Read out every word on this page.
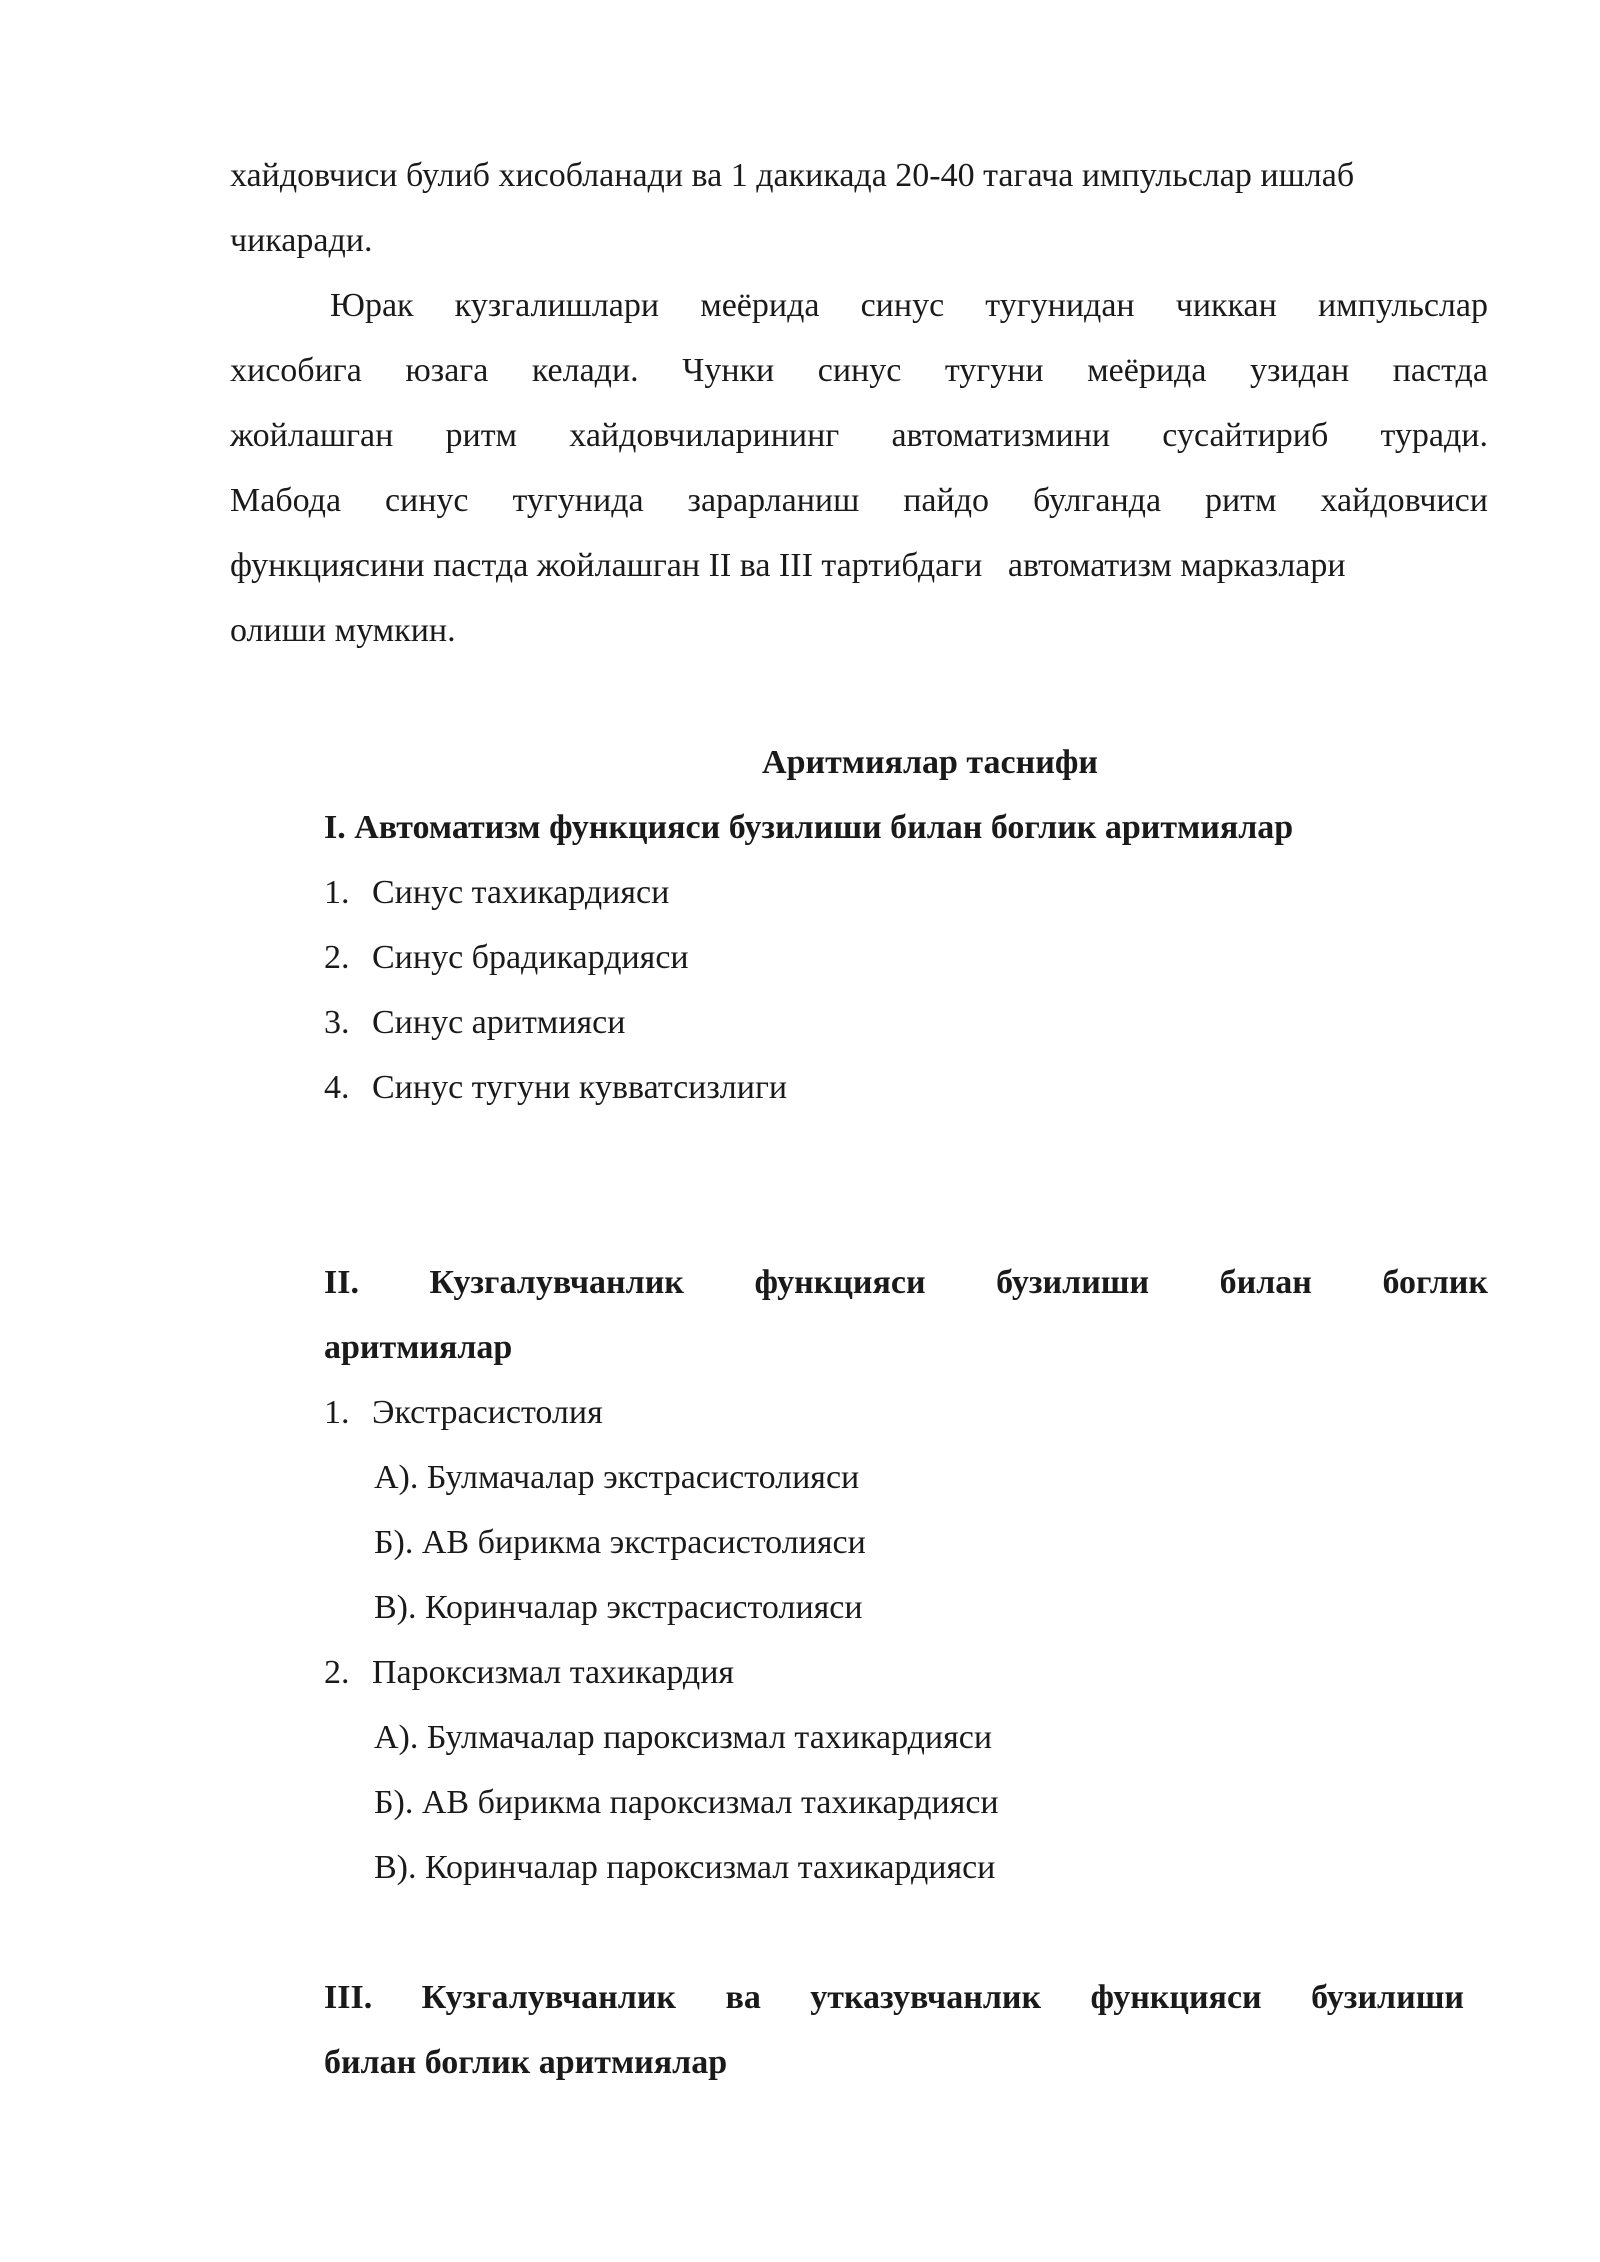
хайдовчиси булиб хисобланади ва 1 дакикада 20-40 тагача импульслар ишлаб
чикаради.
Юрак кузгалишлари меёрида синус тугунидан чиккан импульслар
хисобига юзага келади. Чунки синус тугуни меёрида узидан пастда
жойлашган ритм хайдовчиларининг автоматизмини сусайтириб туради.
Мабода синус тугунида зарарланиш пайдо булганда ритм хайдовчиси
функциясини пастда жойлашган II ва III тартибдаги   автоматизм марказлари
олиши мумкин.
Аритмиялар таснифи
I. Автоматизм функцияси бузилиши билан боглик аритмиялар
1. Синус тахикардияси
2. Синус брадикардияси
3. Синус аритмияси
4. Синус тугуни кувватсизлиги
II. Кузгалувчанлик функцияси бузилиши билан боглик
аритмиялар
1. Экстрасистолия
А). Булмачалар экстрасистолияси
Б). АВ бирикма экстрасистолияси
В). Коринчалар экстрасистолияси
2. Пароксизмал тахикардия
А). Булмачалар пароксизмал тахикардияси
Б). АВ бирикма пароксизмал тахикардияси
В). Коринчалар пароксизмал тахикардияси
III. Кузгалувчанлик ва утказувчанлик функцияси бузилиши
билан боглик аритмиялар
